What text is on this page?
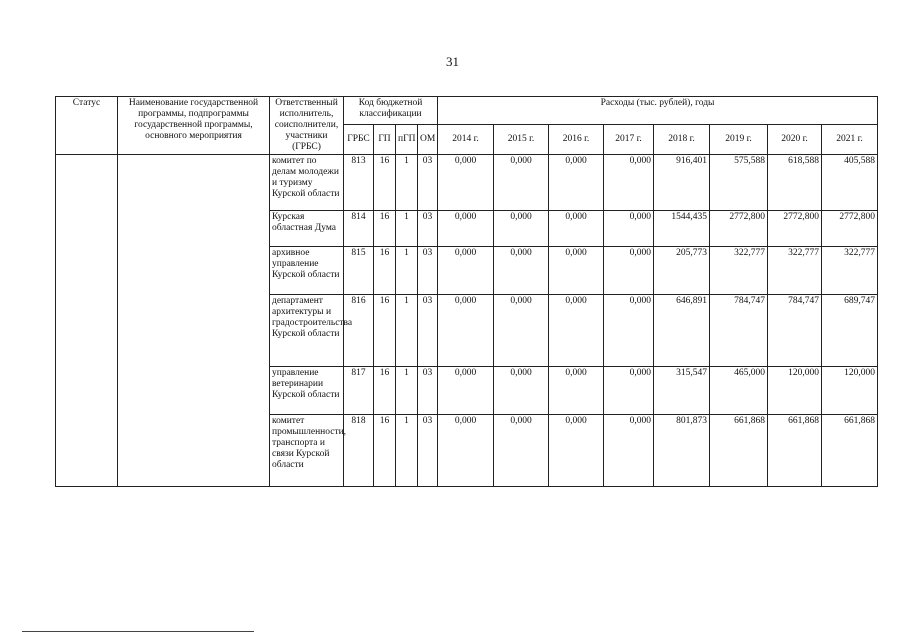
31
Статус	Наименование государственной программы, подпрограммы государственной программы, основного мероприятия	Ответственный исполнитель, соисполнители, участники (ГРБС)	Код бюджетной классификации				Расходы (тыс. рублей), годы							
			ГРБС	ГП	пГП	ОМ	2014 г.	2015 г.	2016 г.	2017 г.	2018 г.	2019 г.	2020 г.	2021 г.
		комитет по делам молодежи и туризму Курской области	813	16	1	03	0,000	0,000	0,000	0,000	916,401	575,588	618,588	405,588
		Курская областная Дума	814	16	1	03	0,000	0,000	0,000	0,000	1544,435	2772,800	2772,800	2772,800
		архивное управление Курской области	815	16	1	03	0,000	0,000	0,000	0,000	205,773	322,777	322,777	322,777
		департамент архитектуры и градостроительства Курской области	816	16	1	03	0,000	0,000	0,000	0,000	646,891	784,747	784,747	689,747
		управление ветеринарии Курской области	817	16	1	03	0,000	0,000	0,000	0,000	315,547	465,000	120,000	120,000
		комитет промышленности, транспорта и связи Курской области	818	16	1	03	0,000	0,000	0,000	0,000	801,873	661,868	661,868	661,868
